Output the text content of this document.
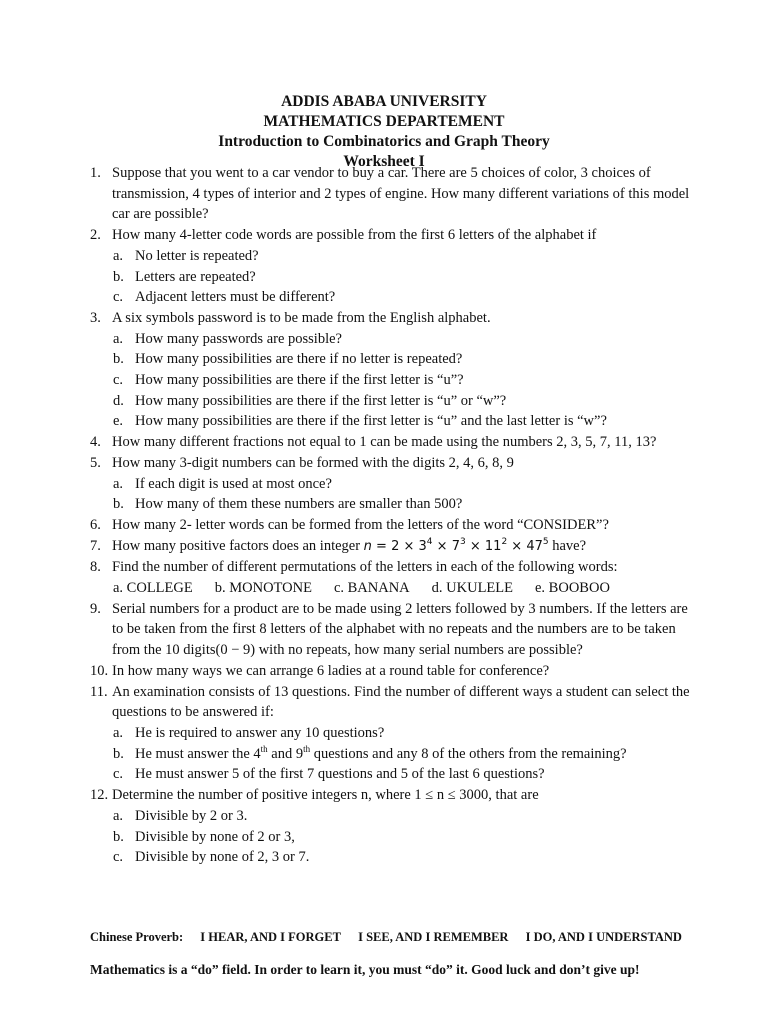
ADDIS ABABA UNIVERSITY
MATHEMATICS DEPARTEMENT
Introduction to Combinatorics and Graph Theory
Worksheet I
1. Suppose that you went to a car vendor to buy a car. There are 5 choices of color, 3 choices of transmission, 4 types of interior and 2 types of engine. How many different variations of this model car are possible?
2. How many 4-letter code words are possible from the first 6 letters of the alphabet if
a. No letter is repeated?
b. Letters are repeated?
c. Adjacent letters must be different?
3. A six symbols password is to be made from the English alphabet.
a. How many passwords are possible?
b. How many possibilities are there if no letter is repeated?
c. How many possibilities are there if the first letter is “u”?
d. How many possibilities are there if the first letter is “u” or “w”?
e. How many possibilities are there if the first letter is “u” and the last letter is “w”?
4. How many different fractions not equal to 1 can be made using the numbers 2, 3, 5, 7, 11, 13?
5. How many 3-digit numbers can be formed with the digits 2, 4, 6, 8, 9
a. If each digit is used at most once?
b. How many of them these numbers are smaller than 500?
6. How many 2- letter words can be formed from the letters of the word “CONSIDER”?
7. How many positive factors does an integer $n = 2 \times 3^4 \times 7^3 \times 11^2 \times 47^5$ have?
8. Find the number of different permutations of the letters in each of the following words:
a. COLLEGE b. MONOTONE c. BANANA d. UKULELE e. BOOBOO
9. Serial numbers for a product are to be made using 2 letters followed by 3 numbers. If the letters are to be taken from the first 8 letters of the alphabet with no repeats and the numbers are to be taken from the 10 digits(0 − 9) with no repeats, how many serial numbers are possible?
10. In how many ways we can arrange 6 ladies at a round table for conference?
11. An examination consists of 13 questions. Find the number of different ways a student can select the questions to be answered if:
a. He is required to answer any 10 questions?
b. He must answer the 4th and 9th questions and any 8 of the others from the remaining?
c. He must answer 5 of the first 7 questions and 5 of the last 6 questions?
12. Determine the number of positive integers n, where 1 ≤ n ≤ 3000, that are
a. Divisible by 2 or 3.
b. Divisible by none of 2 or 3,
c. Divisible by none of 2, 3 or 7.
Chinese Proverb: I HEAR, AND I FORGET I SEE, AND I REMEMBER I DO, AND I UNDERSTAND
Mathematics is a “do” field. In order to learn it, you must “do” it. Good luck and don’t give up!
